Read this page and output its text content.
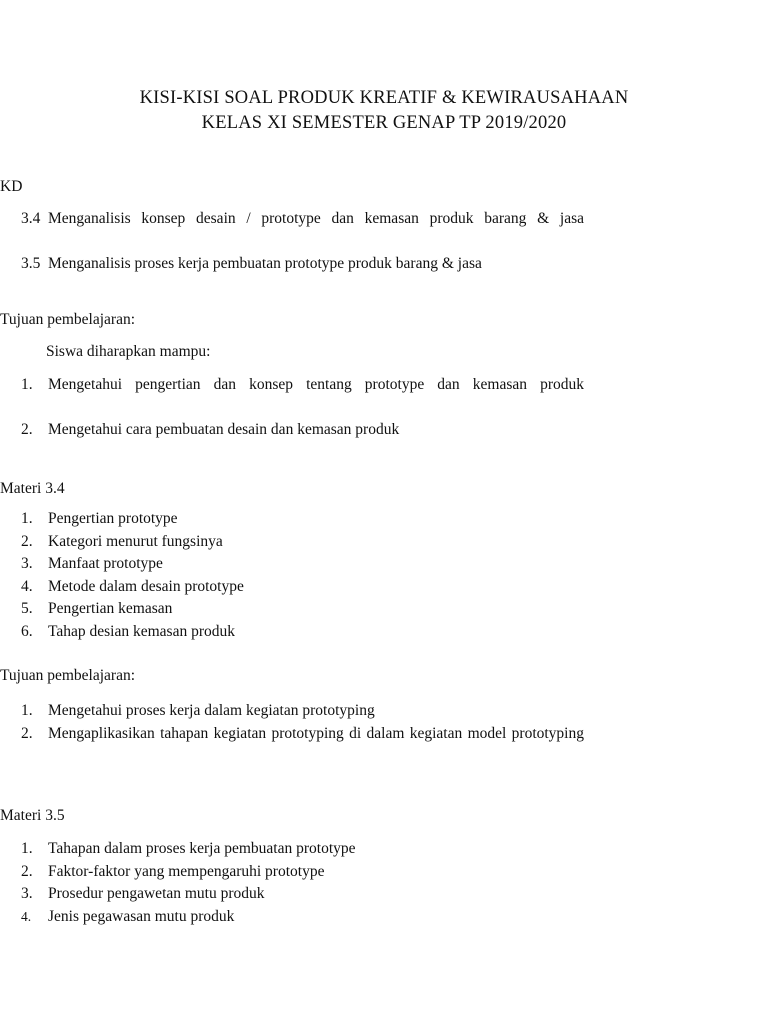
KISI-KISI SOAL PRODUK KREATIF & KEWIRAUSAHAAN
KELAS XI SEMESTER GENAP TP 2019/2020
KD
3.4 Menganalisis konsep desain / prototype dan kemasan produk barang & jasa
3.5 Menganalisis proses kerja pembuatan prototype produk barang & jasa
Tujuan pembelajaran:
Siswa diharapkan mampu:
1. Mengetahui pengertian dan konsep tentang prototype dan kemasan produk
2. Mengetahui cara pembuatan desain dan kemasan produk
Materi 3.4
1. Pengertian prototype
2. Kategori menurut fungsinya
3. Manfaat prototype
4. Metode dalam desain prototype
5. Pengertian kemasan
6. Tahap desian kemasan produk
Tujuan pembelajaran:
1. Mengetahui proses kerja dalam kegiatan prototyping
2. Mengaplikasikan tahapan kegiatan prototyping di dalam kegiatan model prototyping
Materi 3.5
1. Tahapan dalam proses kerja pembuatan prototype
2. Faktor-faktor yang mempengaruhi prototype
3. Prosedur pengawetan mutu produk
4. Jenis pegawasan mutu produk
